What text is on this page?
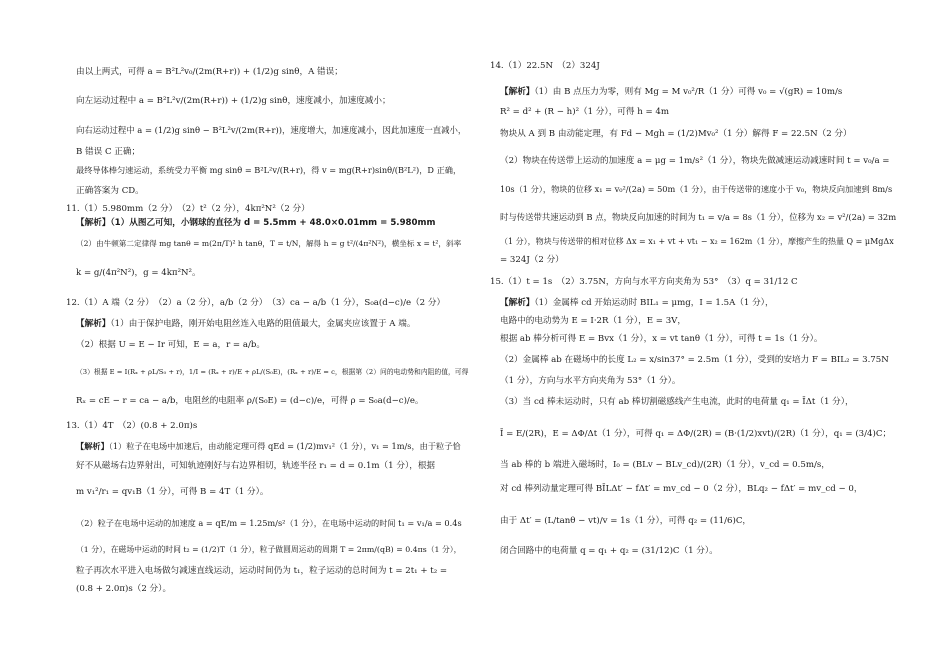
由以上两式，可得 a = B²L²v₀/(2m(R+r)) + (1/2)g sinθ，A 错误；
向左运动过程中 a = B²L²v/(2m(R+r)) + (1/2)g sinθ，速度减小，加速度减小；
向右运动过程中 a = (1/2)g sinθ − B²L²v/(2m(R+r))，速度增大，加速度减小，因此加速度一直减小，
B 错误 C 正确；
最终导体棒匀速运动，系统受力平衡 mg sinθ = B²L²v/(R+r)，得 v = mg(R+r)sinθ/(B²L²)，D 正确，
正确答案为 CD。
11.（1）5.980mm（2 分）　（2）t²（2 分），4kπ²N²（2 分）
【解析】（1）从图乙可知，小钢球的直径为 d = 5.5mm + 48.0×0.01mm = 5.980mm
（2）由牛顿第二定律得 mg tanθ = m(2π/T)² h tanθ，T = t/N，解得 h = g t²/(4π²N²)，横坐标 x = t²，斜率
k = g/(4π²N²)，g = 4kπ²N²。
12.（1）A 端（2 分）　（2）a（2 分），a/b（2 分）　（3）ca − a/b（1 分），S₀a(d−c)/e（2 分）
【解析】（1）由于保护电路，刚开始电阻丝连入电路的阻值最大，金属夹应该置于 A 端。
（2）根据 U = E − Ir 可知，E = a，r = a/b。
（3）根据 E = I(Rₓ + ρL/S₀ + r)，1/I = (Rₓ + r)/E + ρL/(S₀E)，(Rₓ + r)/E = c，根据第（2）问的电动势和内阻的值，可得
Rₓ = cE − r = ca − a/b，电阻丝的电阻率 ρ/(S₀E) = (d−c)/e，可得 ρ = S₀a(d−c)/e。
13.（1）4T　（2）(0.8 + 2.0π)s
【解析】（1）粒子在电场中加速后，由动能定理可得 qEd = (1/2)mv₁²（1 分），v₁ = 1m/s，由于粒子恰
好不从磁场右边界射出，可知轨迹刚好与右边界相切，轨迹半径 r₁ = d = 0.1m（1 分），根据
m v₁²/r₁ = qv₁B（1 分），可得 B = 4T（1 分）。
（2）粒子在电场中运动的加速度 a = qE/m = 1.25m/s²（1 分），在电场中运动的时间 t₁ = v₁/a = 0.4s
（1 分），在磁场中运动的时间 t₂ = (1/2)T（1 分），粒子做圆周运动的周期 T = 2πm/(qB) = 0.4πs（1 分），
粒子再次水平进入电场做匀减速直线运动，运动时间仍为 t₁，粒子运动的总时间为 t = 2t₁ + t₂ =
(0.8 + 2.0π)s（2 分）。
14.（1）22.5N　（2）324J
【解析】（1）由 B 点压力为零，则有 Mg = M v₀²/R（1 分）可得 v₀ = √(gR) = 10m/s
R² = d² + (R − h)²（1 分），可得 h = 4m
物块从 A 到 B 由动能定理，有 Fd − Mgh = (1/2)Mv₀²（1 分）解得 F = 22.5N（2 分）
（2）物块在传送带上运动的加速度 a = μg = 1m/s²（1 分），物块先做减速运动减速时间 t = v₀/a =
10s（1 分），物块的位移 x₁ = v₀²/(2a) = 50m（1 分），由于传送带的速度小于 v₀，物块反向加速到 8m/s
时与传送带共速运动到 B 点，物块反向加速的时间为 t₁ = v/a = 8s（1 分），位移为 x₂ = v²/(2a) = 32m
（1 分），物块与传送带的相对位移 Δx = x₁ + vt + vt₁ − x₂ = 162m（1 分），摩擦产生的热量 Q = μMgΔx
= 324J（2 分）
15.（1）t = 1s　（2）3.75N，方向与水平方向夹角为 53°　（3）q = 31/12 C
【解析】（1）金属棒 cd 开始运动时 BIL₁ = μmg，I = 1.5A（1 分），
电路中的电动势为 E = I·2R（1 分），E = 3V，
根据 ab 棒分析可得 E = Bvx（1 分），x = vt tanθ（1 分），可得 t = 1s（1 分）。
（2）金属棒 ab 在磁场中的长度 L₂ = x/sin37° = 2.5m（1 分），受到的安培力 F = BIL₂ = 3.75N
（1 分），方向与水平方向夹角为 53°（1 分）。
（3）当 cd 棒未运动时，只有 ab 棒切割磁感线产生电流，此时的电荷量 q₁ = ĪΔt（1 分），
Ī = E/(2R)，E = ΔΦ/Δt（1 分），可得 q₁ = ΔΦ/(2R) = (B·(1/2)xvt)/(2R)（1 分），q₁ = (3/4)C；
当 ab 棒的 b 端进入磁场时，I₀ = (BLv − BLv_cd)/(2R)（1 分），v_cd = 0.5m/s，
对 cd 棒列动量定理可得 BĪLΔt′ − fΔt′ = mv_cd − 0（2 分），BLq₂ − fΔt′ = mv_cd − 0，
由于 Δt′ = (L/tanθ − vt)/v = 1s（1 分），可得 q₂ = (11/6)C，
闭合回路中的电荷量 q = q₁ + q₂ = (31/12)C（1 分）。
